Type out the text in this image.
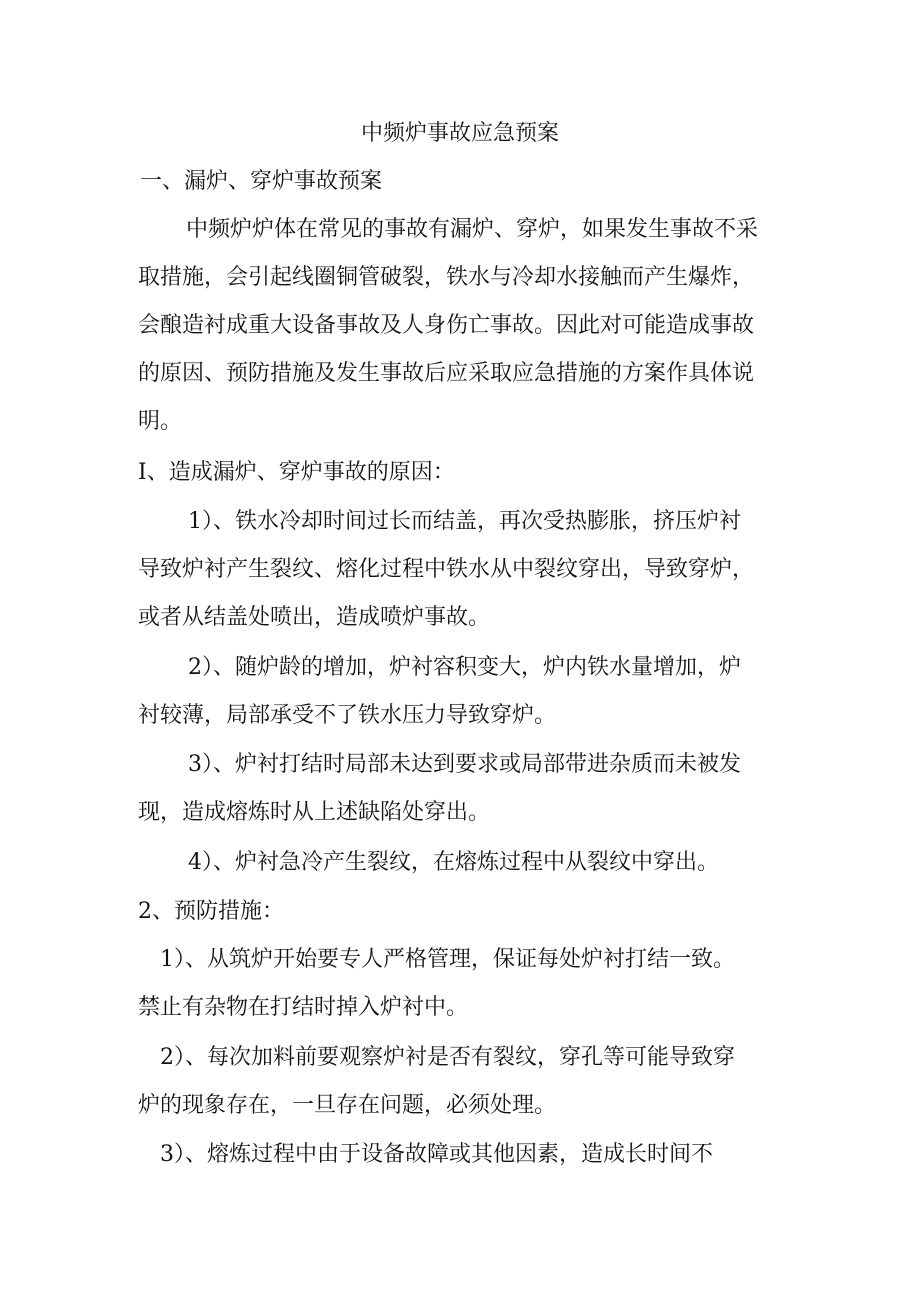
中频炉事故应急预案

一、漏炉、穿炉事故预案

中频炉炉体在常见的事故有漏炉、穿炉，如果发生事故不采

取措施，会引起线圈铜管破裂，铁水与冷却水接触而产生爆炸，

会酿造衬成重大设备事故及人身伤亡事故。因此对可能造成事故

的原因、预防措施及发生事故后应采取应急措施的方案作具体说

明。

I、造成漏炉、穿炉事故的原因：

1）、铁水冷却时间过长而结盖，再次受热膨胀，挤压炉衬

导致炉衬产生裂纹、熔化过程中铁水从中裂纹穿出，导致穿炉，

或者从结盖处喷出，造成喷炉事故。

2）、随炉龄的增加，炉衬容积变大，炉内铁水量增加，炉

衬较薄，局部承受不了铁水压力导致穿炉。

3）、炉衬打结时局部未达到要求或局部带进杂质而未被发

现，造成熔炼时从上述缺陷处穿出。

4）、炉衬急冷产生裂纹，在熔炼过程中从裂纹中穿出。

2、预防措施：

1）、从筑炉开始要专人严格管理，保证每处炉衬打结一致。

禁止有杂物在打结时掉入炉衬中。

2）、每次加料前要观察炉衬是否有裂纹，穿孔等可能导致穿

炉的现象存在，一旦存在问题，必须处理。

3）、熔炼过程中由于设备故障或其他因素，造成长时间不
